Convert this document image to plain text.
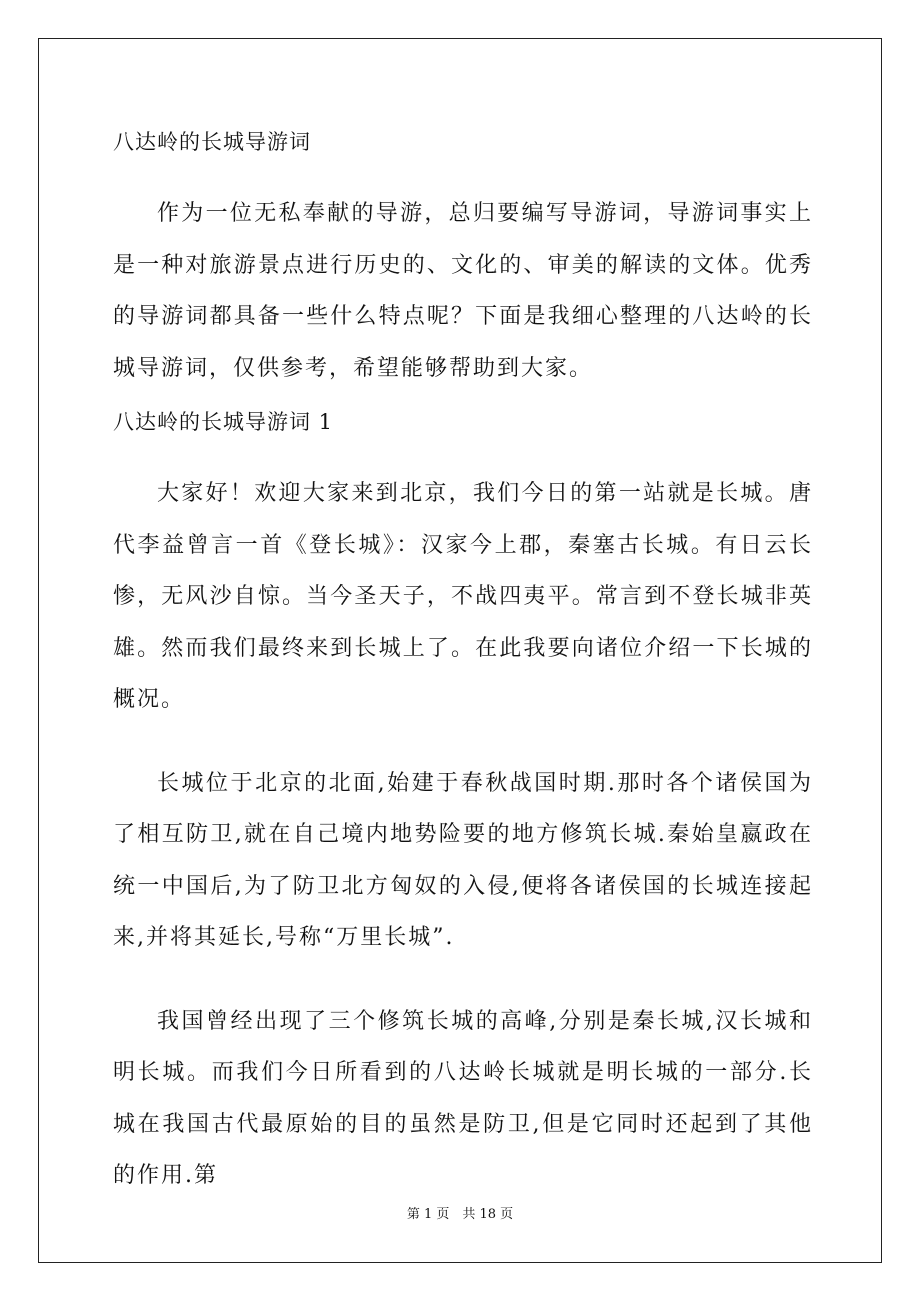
八达岭的长城导游词

作为一位无私奉献的导游，总归要编写导游词，导游词事实上是一种对旅游景点进行历史的、文化的、审美的解读的文体。优秀的导游词都具备一些什么特点呢？下面是我细心整理的八达岭的长城导游词，仅供参考，希望能够帮助到大家。

八达岭的长城导游词 1

大家好！欢迎大家来到北京，我们今日的第一站就是长城。唐代李益曾言一首《登长城》：汉家今上郡，秦塞古长城。有日云长惨，无风沙自惊。当今圣天子，不战四夷平。常言到不登长城非英雄。然而我们最终来到长城上了。在此我要向诸位介绍一下长城的概况。

长城位于北京的北面,始建于春秋战国时期.那时各个诸侯国为了相互防卫,就在自己境内地势险要的地方修筑长城.秦始皇嬴政在统一中国后,为了防卫北方匈奴的入侵,便将各诸侯国的长城连接起来,并将其延长,号称“万里长城”.

我国曾经出现了三个修筑长城的高峰,分别是秦长城,汉长城和明长城。而我们今日所看到的八达岭长城就是明长城的一部分.长城在我国古代最原始的目的虽然是防卫,但是它同时还起到了其他的作用.第

第 1 页　共 18 页
